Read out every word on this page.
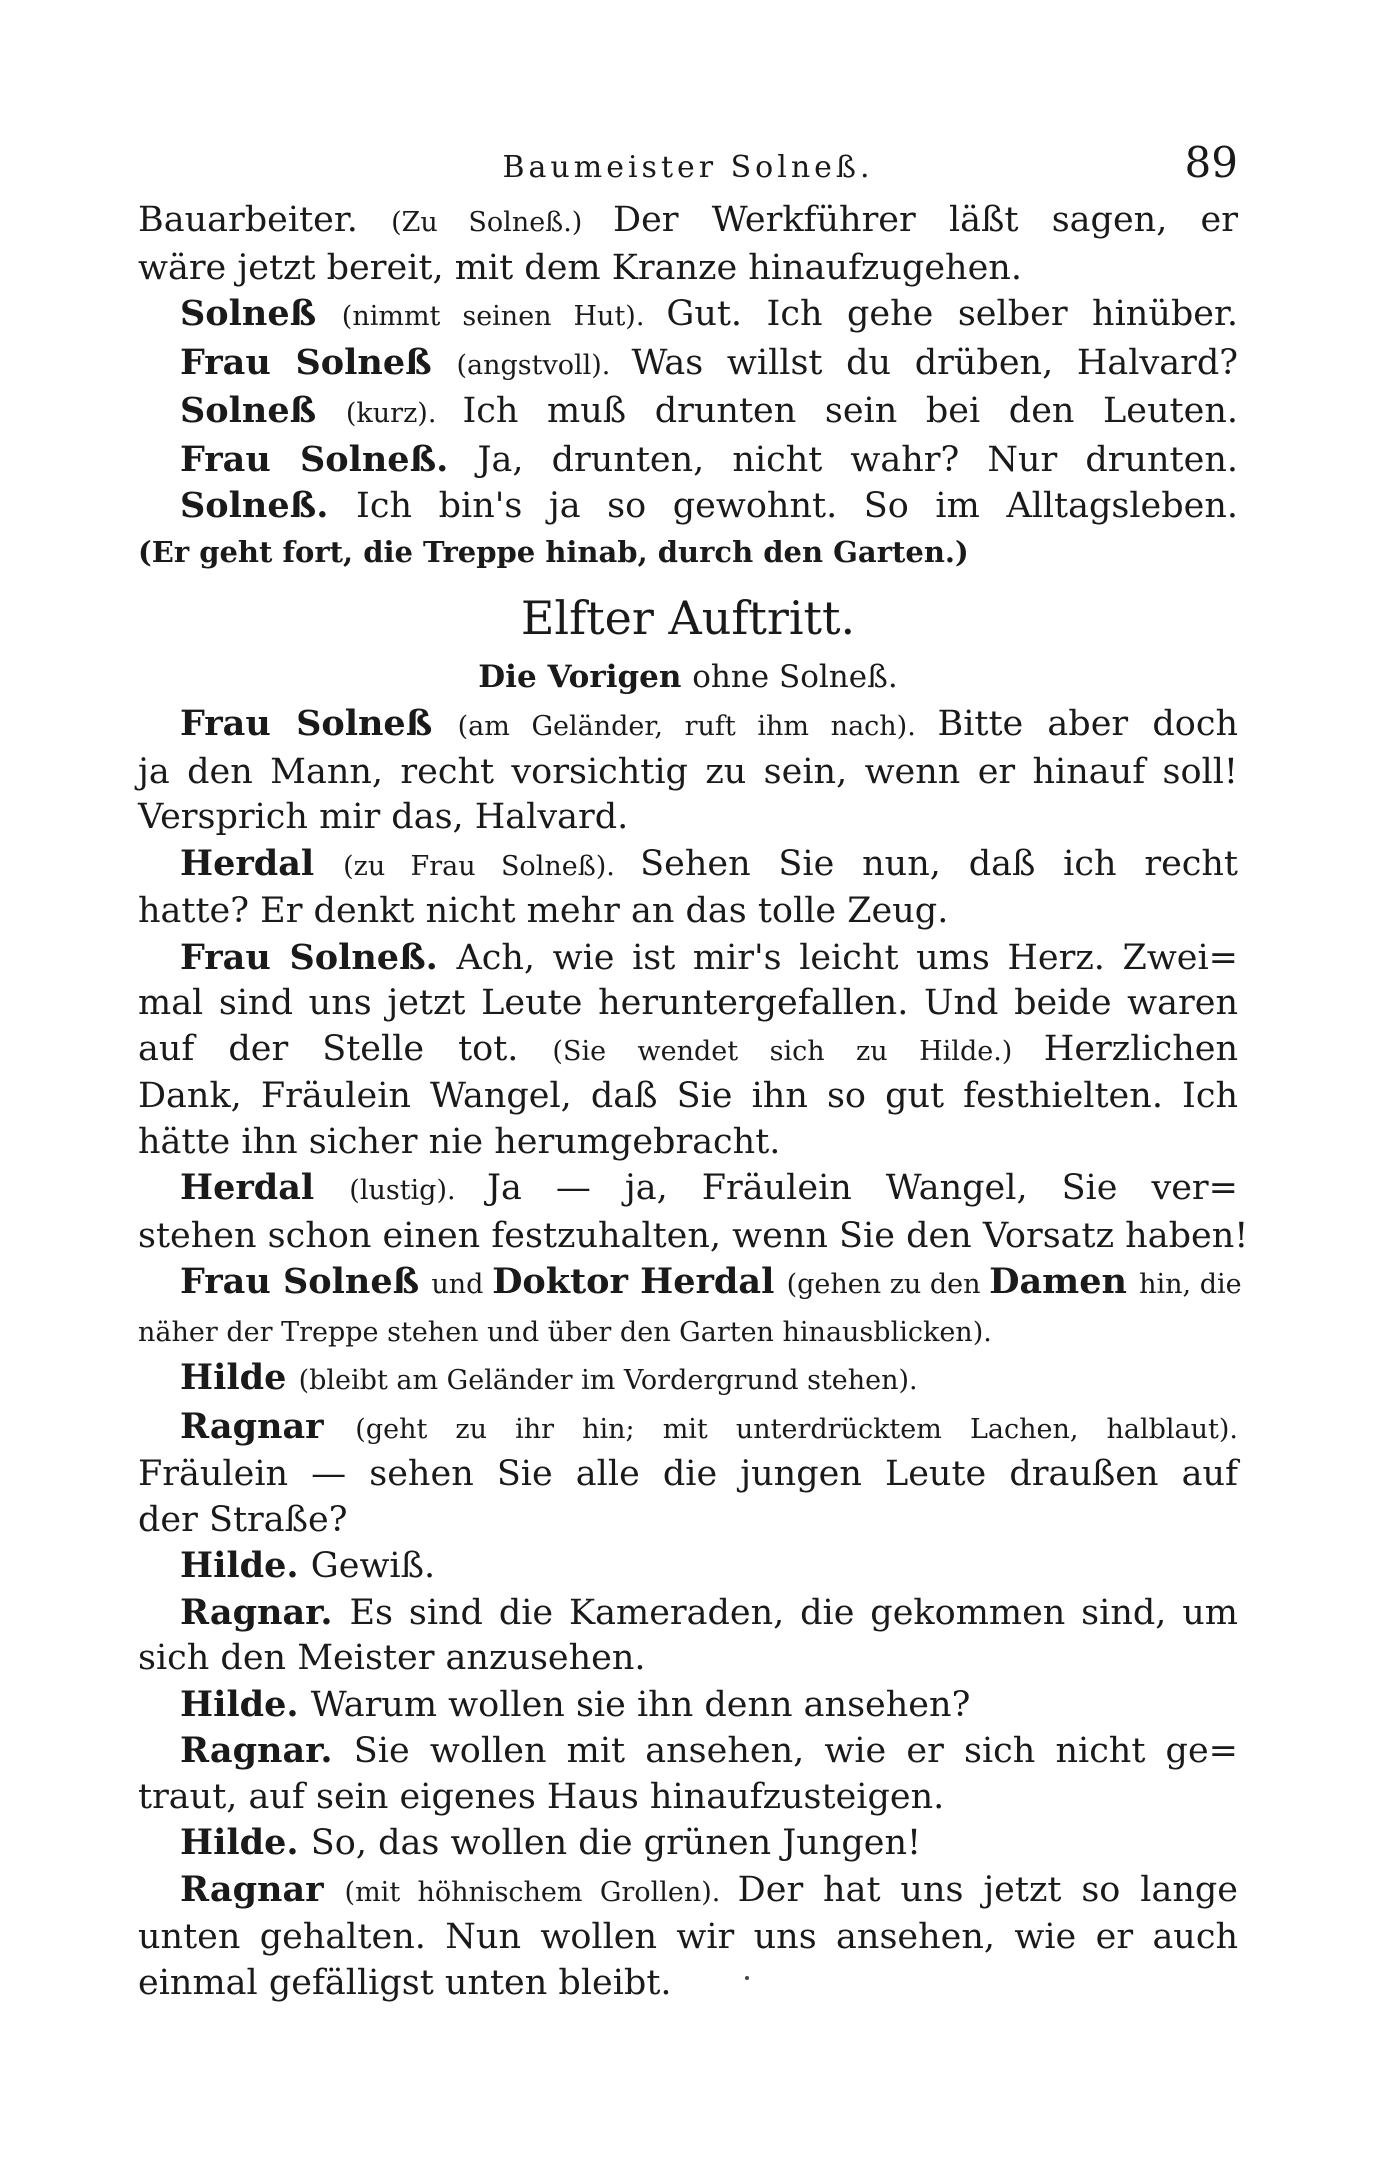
Baumeister Solneß.	89
Bauarbeiter. (Zu Solneß.) Der Werkführer läßt sagen, er
wäre jetzt bereit, mit dem Kranze hinaufzugehen.
Solneß (nimmt seinen Hut). Gut. Ich gehe selber hinüber.
Frau Solneß (angstvoll). Was willst du drüben, Halvard?
Solneß (kurz). Ich muß drunten sein bei den Leuten.
Frau Solneß. Ja, drunten, nicht wahr? Nur drunten.
Solneß. Ich bin's ja so gewohnt. So im Alltagsleben.
(Er geht fort, die Treppe hinab, durch den Garten.)
Elfter Auftritt.
Die Vorigen ohne Solneß.
Frau Solneß (am Geländer, ruft ihm nach). Bitte aber doch
ja den Mann, recht vorsichtig zu sein, wenn er hinauf soll!
Versprich mir das, Halvard.
Herdal (zu Frau Solneß). Sehen Sie nun, daß ich recht
hatte? Er denkt nicht mehr an das tolle Zeug.
Frau Solneß. Ach, wie ist mir's leicht ums Herz. Zwei=
mal sind uns jetzt Leute heruntergefallen. Und beide waren
auf der Stelle tot. (Sie wendet sich zu Hilde.) Herzlichen
Dank, Fräulein Wangel, daß Sie ihn so gut festhielten. Ich
hätte ihn sicher nie herumgebracht.
Herdal (lustig). Ja — ja, Fräulein Wangel, Sie ver=
stehen schon einen festzuhalten, wenn Sie den Vorsatz haben!
Frau Solneß und Doktor Herdal (gehen zu den Damen hin, die
näher der Treppe stehen und über den Garten hinausblicken).
Hilde (bleibt am Geländer im Vordergrund stehen).
Ragnar (geht zu ihr hin; mit unterdrücktem Lachen, halblaut).
Fräulein — sehen Sie alle die jungen Leute draußen auf
der Straße?
Hilde. Gewiß.
Ragnar. Es sind die Kameraden, die gekommen sind, um
sich den Meister anzusehen.
Hilde. Warum wollen sie ihn denn ansehen?
Ragnar. Sie wollen mit ansehen, wie er sich nicht ge=
traut, auf sein eigenes Haus hinaufzusteigen.
Hilde. So, das wollen die grünen Jungen!
Ragnar (mit höhnischem Grollen). Der hat uns jetzt so lange
unten gehalten. Nun wollen wir uns ansehen, wie er auch
einmal gefälligst unten bleibt.
